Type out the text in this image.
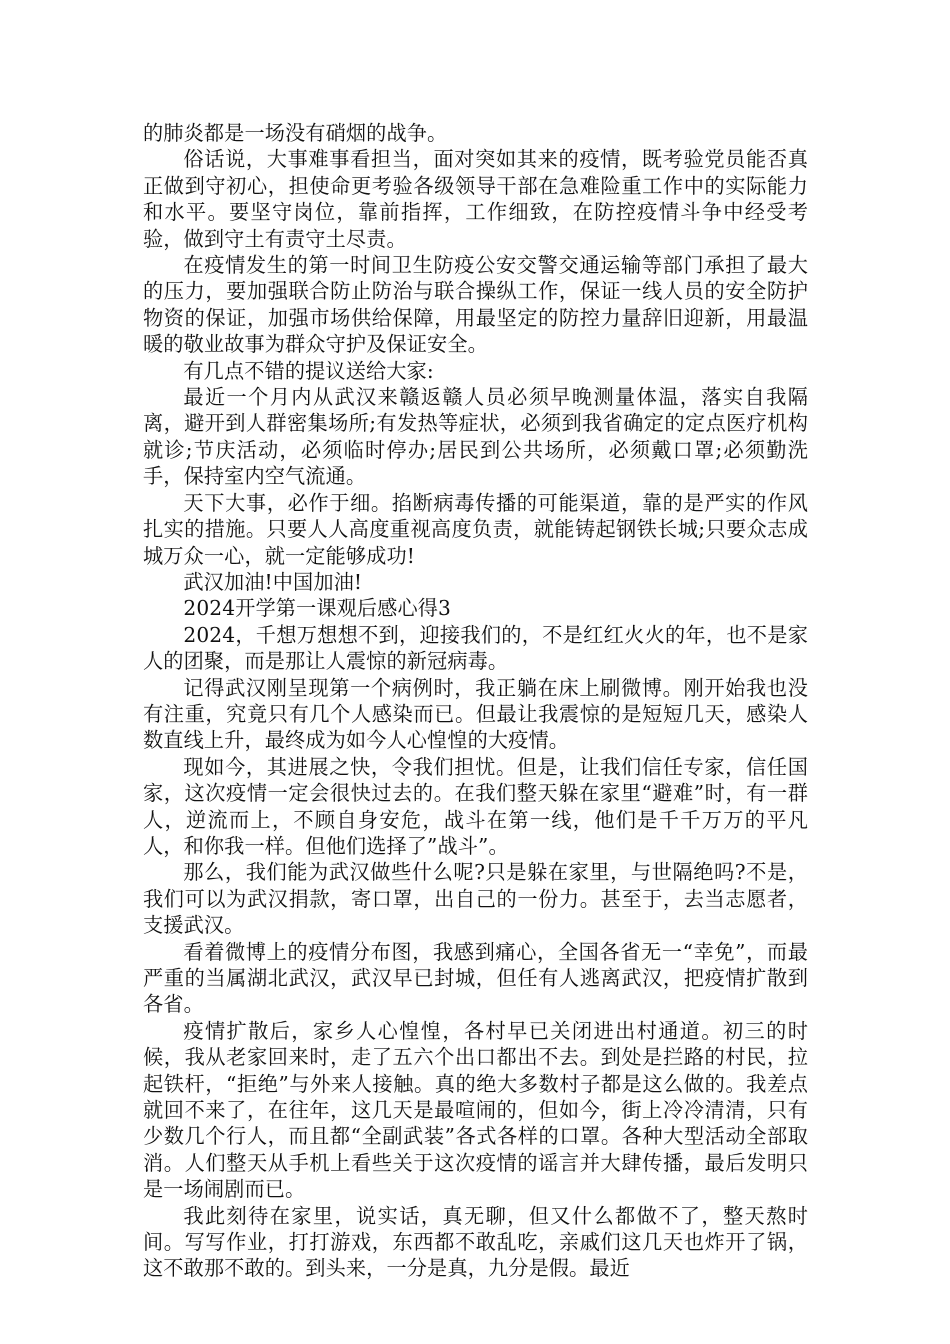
的肺炎都是一场没有硝烟的战争。

俗话说，大事难事看担当，面对突如其来的疫情，既考验党员能否真正做到守初心，担使命更考验各级领导干部在急难险重工作中的实际能力和水平。要坚守岗位，靠前指挥，工作细致，在防控疫情斗争中经受考验，做到守土有责守土尽责。

在疫情发生的第一时间卫生防疫公安交警交通运输等部门承担了最大的压力，要加强联合防止防治与联合操纵工作，保证一线人员的安全防护物资的保证，加强市场供给保障，用最坚定的防控力量辞旧迎新，用最温暖的敬业故事为群众守护及保证安全。

有几点不错的提议送给大家:

最近一个月内从武汉来赣返赣人员必须早晚测量体温，落实自我隔离，避开到人群密集场所;有发热等症状，必须到我省确定的定点医疗机构就诊;节庆活动，必须临时停办;居民到公共场所，必须戴口罩;必须勤洗手，保持室内空气流通。

天下大事，必作于细。掐断病毒传播的可能渠道，靠的是严实的作风扎实的措施。只要人人高度重视高度负责，就能铸起钢铁长城;只要众志成城万众一心，就一定能够成功!

武汉加油!中国加油!

2024开学第一课观后感心得3

2024，千想万想想不到，迎接我们的，不是红红火火的年，也不是家人的团聚，而是那让人震惊的新冠病毒。

记得武汉刚呈现第一个病例时，我正躺在床上刷微博。刚开始我也没有注重，究竟只有几个人感染而已。但最让我震惊的是短短几天，感染人数直线上升，最终成为如今人心惶惶的大疫情。

现如今，其进展之快，令我们担忧。但是，让我们信任专家，信任国家，这次疫情一定会很快过去的。在我们整天躲在家里“避难”时，有一群人，逆流而上，不顾自身安危，战斗在第一线，他们是千千万万的平凡人，和你我一样。但他们选择了”战斗”。

那么，我们能为武汉做些什么呢?只是躲在家里，与世隔绝吗?不是，我们可以为武汉捐款，寄口罩，出自己的一份力。甚至于，去当志愿者，支援武汉。

看着微博上的疫情分布图，我感到痛心，全国各省无一“幸免”，而最严重的当属湖北武汉，武汉早已封城，但任有人逃离武汉，把疫情扩散到各省。

疫情扩散后，家乡人心惶惶，各村早已关闭进出村通道。初三的时候，我从老家回来时，走了五六个出口都出不去。到处是拦路的村民，拉起铁杆，“拒绝”与外来人接触。真的绝大多数村子都是这么做的。我差点就回不来了，在往年，这几天是最喧闹的，但如今，街上冷冷清清，只有少数几个行人，而且都“全副武装”各式各样的口罩。各种大型活动全部取消。人们整天从手机上看些关于这次疫情的谣言并大肆传播，最后发明只是一场闹剧而已。

我此刻待在家里，说实话，真无聊，但又什么都做不了，整天熬时间。写写作业，打打游戏，东西都不敢乱吃，亲戚们这几天也炸开了锅，这不敢那不敢的。到头来，一分是真，九分是假。最近
